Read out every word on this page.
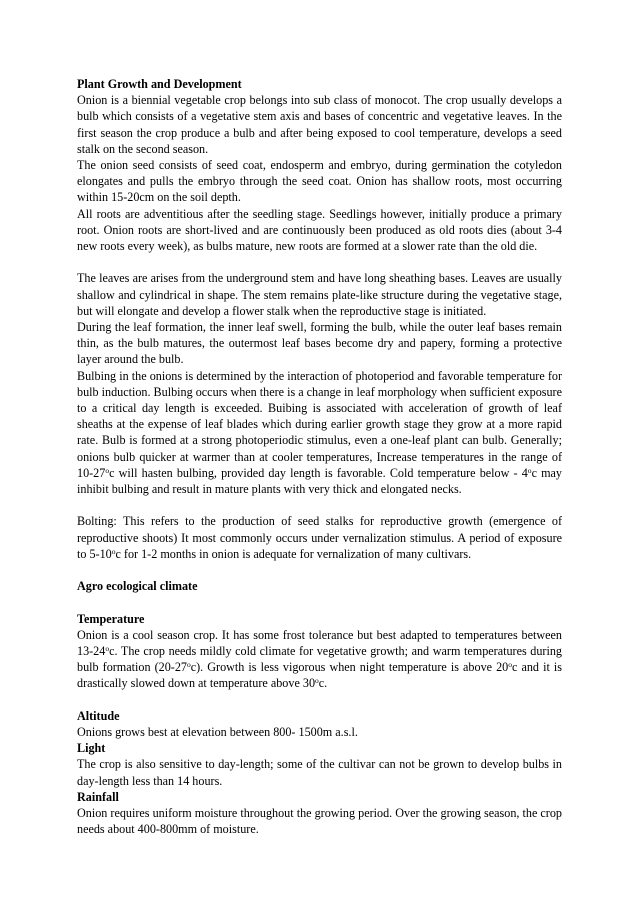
Plant Growth and Development

Onion is a biennial vegetable crop belongs into sub class of monocot. The crop usually develops a bulb which consists of a vegetative stem axis and bases of concentric and vegetative leaves. In the first season the crop produce a bulb and after being exposed to cool temperature, develops a seed stalk on the second season.

The onion seed consists of seed coat, endosperm and embryo, during germination the cotyledon elongates and pulls the embryo through the seed coat. Onion has shallow roots, most occurring within 15-20cm on the soil depth.

All roots are adventitious after the seedling stage. Seedlings however, initially produce a primary root. Onion roots are short-lived and are continuously been produced as old roots dies (about 3-4 new roots every week), as bulbs mature, new roots are formed at a slower rate than the old die.

The leaves are arises from the underground stem and have long sheathing bases. Leaves are usually shallow and cylindrical in shape. The stem remains plate-like structure during the vegetative stage, but will elongate and develop a flower stalk when the reproductive stage is initiated.

During the leaf formation, the inner leaf swell, forming the bulb, while the outer leaf bases remain thin, as the bulb matures, the outermost leaf bases become dry and papery, forming a protective layer around the bulb.

Bulbing in the onions is determined by the interaction of photoperiod and favorable temperature for bulb induction. Bulbing occurs when there is a change in leaf morphology when sufficient exposure to a critical day length is exceeded. Buibing is associated with acceleration of growth of leaf sheaths at the expense of leaf blades which during earlier growth stage they grow at a more rapid rate. Bulb is formed at a strong photoperiodic stimulus, even a one-leaf plant can bulb. Generally; onions bulb quicker at warmer than at cooler temperatures, Increase temperatures in the range of 10-27$^o$c will hasten bulbing, provided day length is favorable. Cold temperature below - 4$^o$c may inhibit bulbing and result in mature plants with very thick and elongated necks.

Bolting: This refers to the production of seed stalks for reproductive growth (emergence of reproductive shoots) It most commonly occurs under vernalization stimulus. A period of exposure to 5-10$^o$c for 1-2 months in onion is adequate for vernalization of many cultivars.

Agro ecological climate

Temperature

Onion is a cool season crop. It has some frost tolerance but best adapted to temperatures between 13-24$^o$c. The crop needs mildly cold climate for vegetative growth; and warm temperatures during bulb formation (20-27$^o$c). Growth is less vigorous when night temperature is above 20$^o$c and it is drastically slowed down at temperature above 30$^o$c.

Altitude

Onions grows best at elevation between 800- 1500m a.s.l.

Light

The crop is also sensitive to day-length; some of the cultivar can not be grown to develop bulbs in day-length less than 14 hours.

Rainfall

Onion requires uniform moisture throughout the growing period. Over the growing season, the crop needs about 400-800mm of moisture.
